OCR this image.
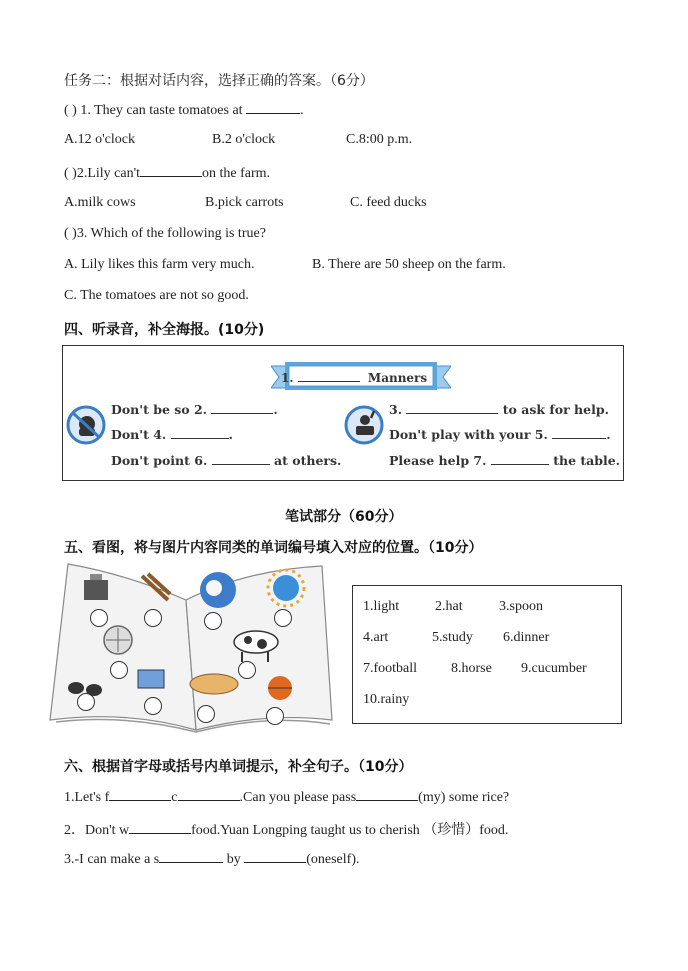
任务二：根据对话内容，选择正确的答案。（6分）
( ) 1. They can taste tomatoes at	.
A.12 o'clock	B.2 o'clock	C.8:00 p.m.
( )2.Lily can't	on the farm.
A.milk cows	B.pick carrots	C. feed ducks
( )3. Which of the following is true?
A. Lily likes this farm very much.	B. There are 50 sheep on the farm.
C. The tomatoes are not so good.
四、听录音，补全海报。(10分)
1.	Manners
Don't be so 2.	.
Don't 4.	.
Don't point 6.	at others.
3.	to ask for help.
Don't play with your 5.	.
Please help 7.	the table.
笔试部分（60分）
五、看图，将与图片内容同类的单词编号填入对应的位置。（10分）
1.light	2.hat	3.spoon
4.art	5.study 6.dinner
7.football 8.horse 9.cucumber
10.rainy
六、根据首字母或括号内单词提示，补全句子。（10分）
1.Let's f	c	.Can you please pass	(my) some rice?
2．Don't w	food.Yuan Longping taught us to cherish （珍惜）food.
3.-I can make a s	by	(oneself).
